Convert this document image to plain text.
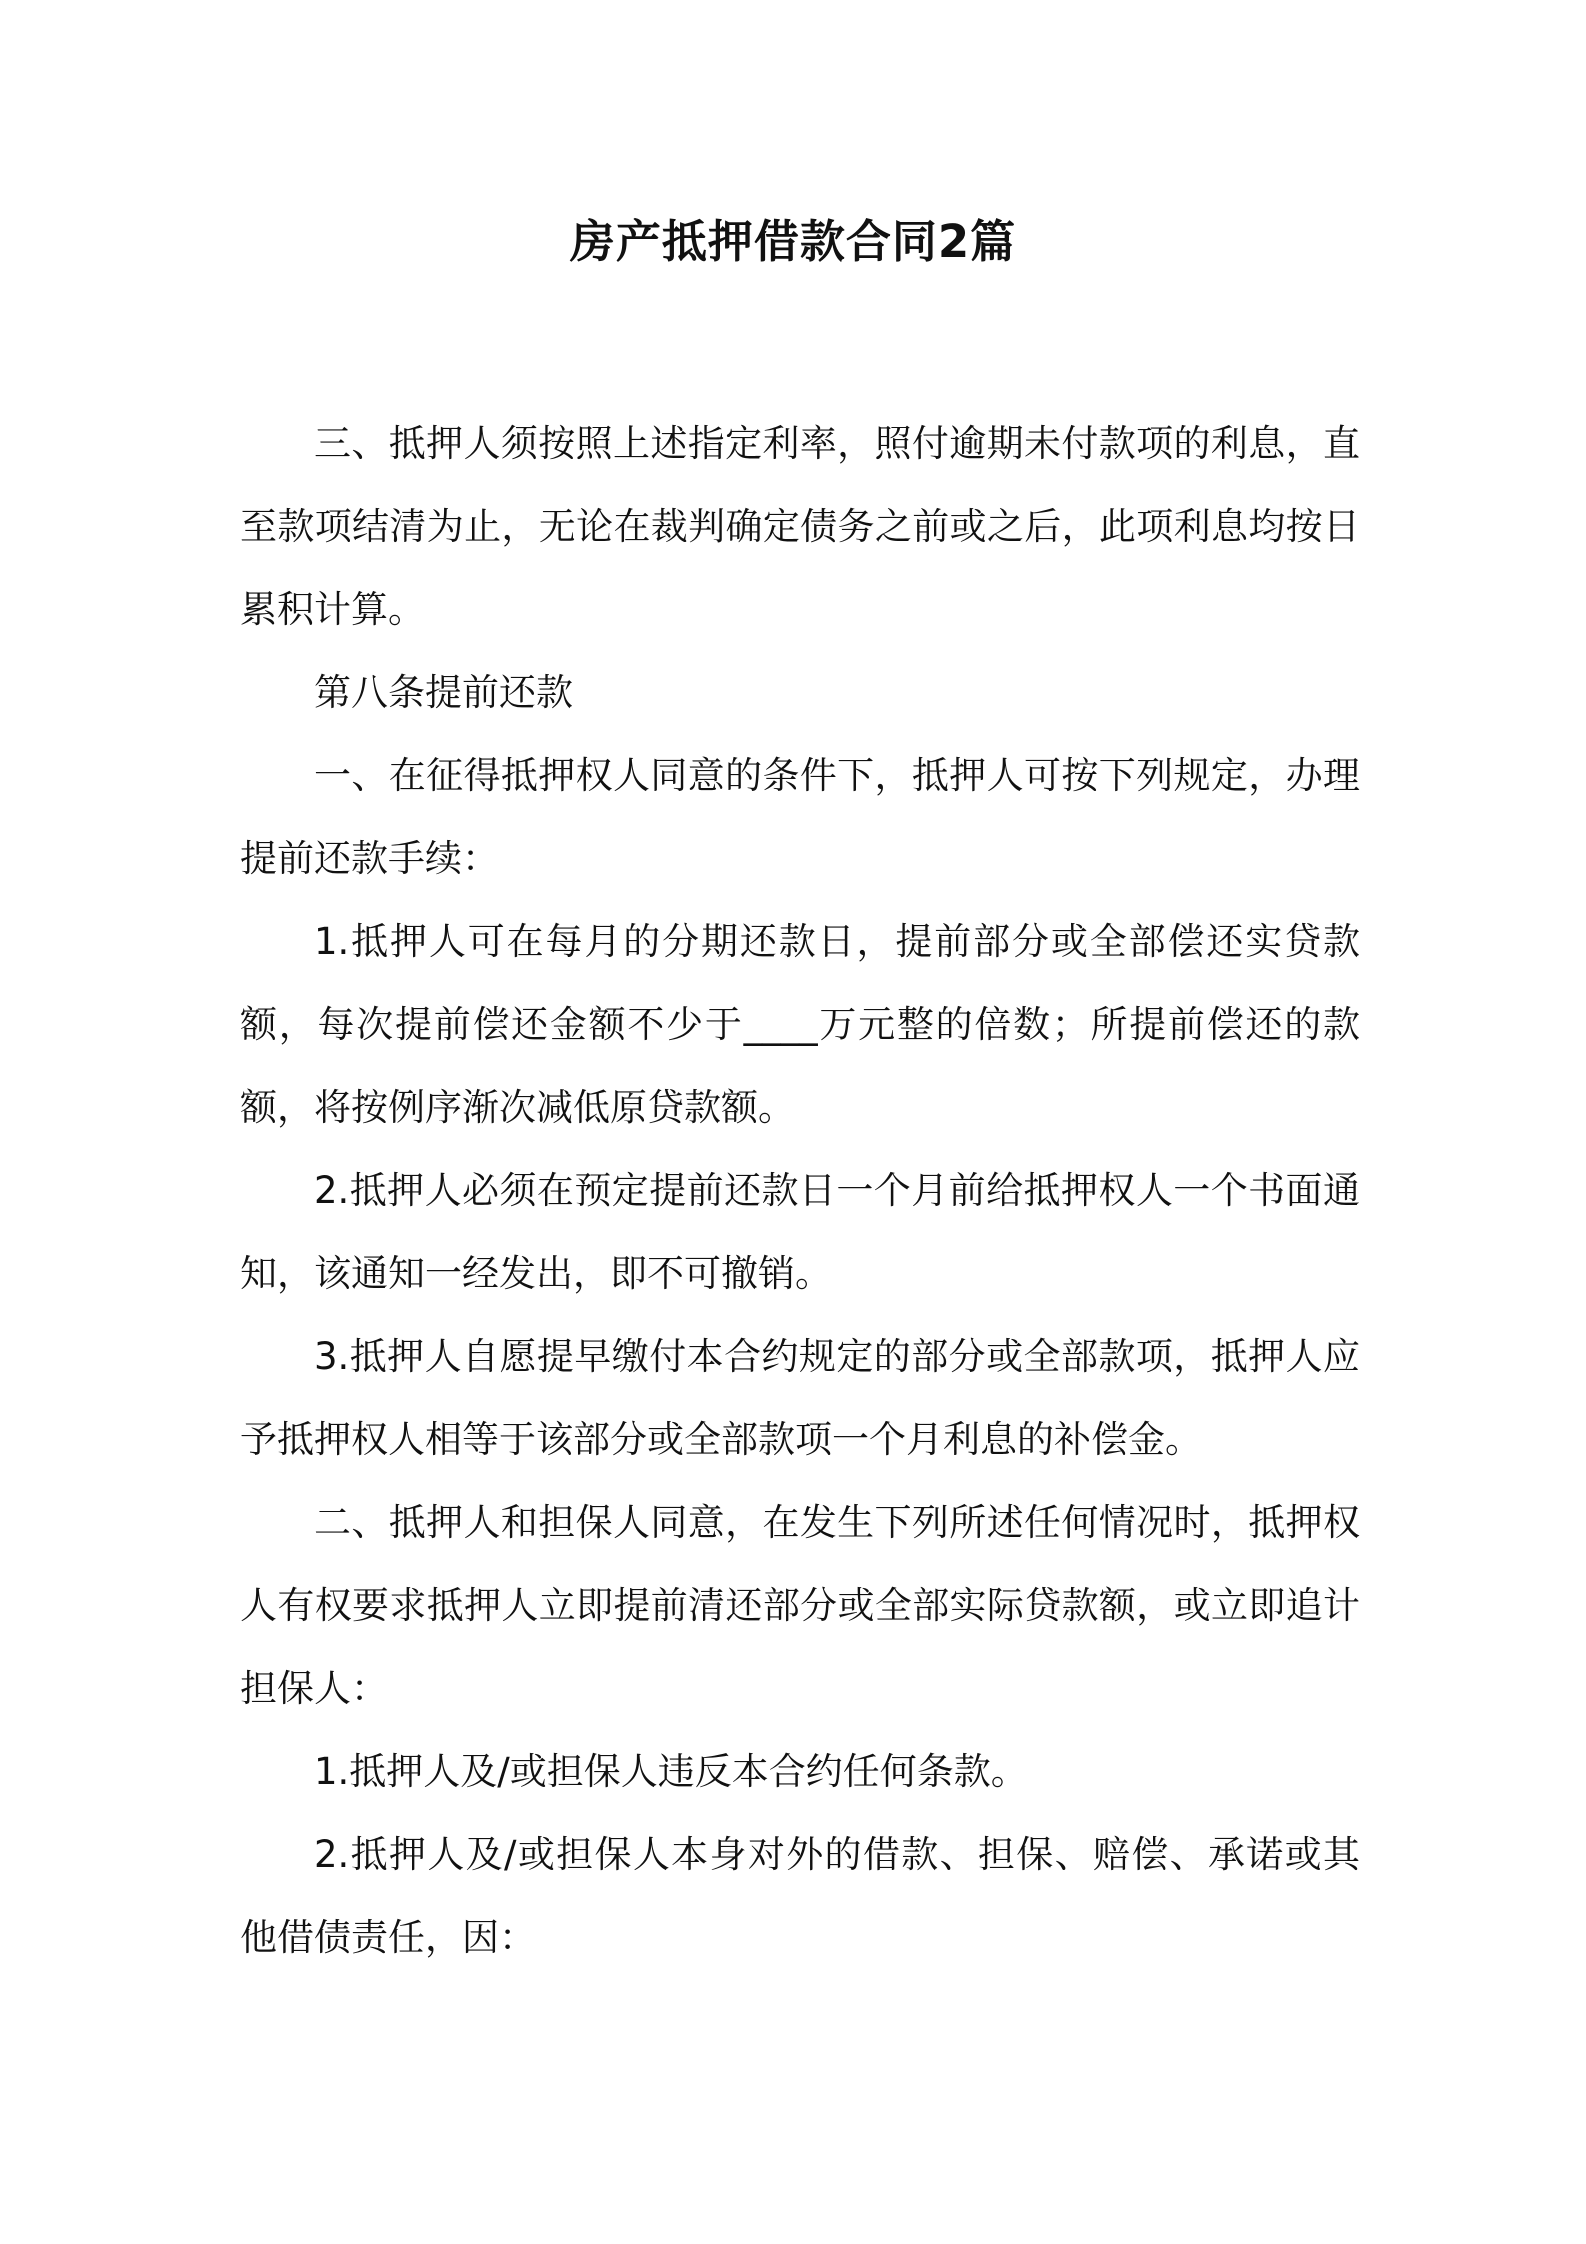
房产抵押借款合同2篇

三、抵押人须按照上述指定利率，照付逾期未付款项的利息，直至款项结清为止，无论在裁判确定债务之前或之后，此项利息均按日累积计算。

第八条提前还款

一、在征得抵押权人同意的条件下，抵押人可按下列规定，办理提前还款手续：

1.抵押人可在每月的分期还款日，提前部分或全部偿还实贷款额，每次提前偿还金额不少于____万元整的倍数；所提前偿还的款额，将按例序渐次减低原贷款额。

2.抵押人必须在预定提前还款日一个月前给抵押权人一个书面通知，该通知一经发出，即不可撤销。

3.抵押人自愿提早缴付本合约规定的部分或全部款项，抵押人应予抵押权人相等于该部分或全部款项一个月利息的补偿金。

二、抵押人和担保人同意，在发生下列所述任何情况时，抵押权人有权要求抵押人立即提前清还部分或全部实际贷款额，或立即追计担保人：

1.抵押人及/或担保人违反本合约任何条款。

2.抵押人及/或担保人本身对外的借款、担保、赔偿、承诺或其他借债责任，因：
